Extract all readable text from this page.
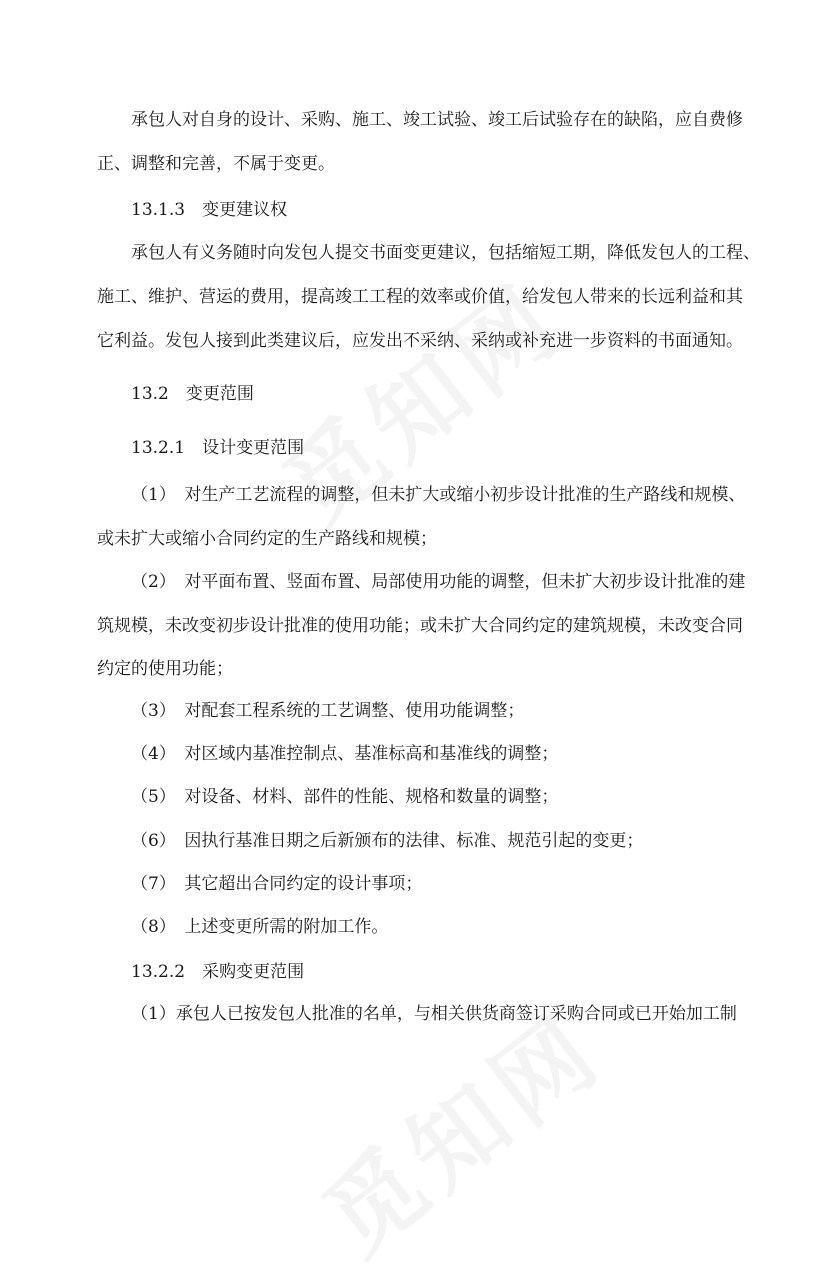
承包人对自身的设计、采购、施工、竣工试验、竣工后试验存在的缺陷，应自费修
正、调整和完善，不属于变更。
13.1.3　变更建议权
承包人有义务随时向发包人提交书面变更建议，包括缩短工期，降低发包人的工程、
施工、维护、营运的费用，提高竣工工程的效率或价值，给发包人带来的长远利益和其
它利益。发包人接到此类建议后，应发出不采纳、采纳或补充进一步资料的书面通知。
13.2　变更范围
13.2.1　设计变更范围
（1）　对生产工艺流程的调整，但未扩大或缩小初步设计批准的生产路线和规模、
或未扩大或缩小合同约定的生产路线和规模；
（2）　对平面布置、竖面布置、局部使用功能的调整，但未扩大初步设计批准的建
筑规模，未改变初步设计批准的使用功能；或未扩大合同约定的建筑规模，未改变合同
约定的使用功能；
（3）　对配套工程系统的工艺调整、使用功能调整；
（4）　对区域内基准控制点、基准标高和基准线的调整；
（5）　对设备、材料、部件的性能、规格和数量的调整；
（6）　因执行基准日期之后新颁布的法律、标准、规范引起的变更；
（7）　其它超出合同约定的设计事项；
（8）　上述变更所需的附加工作。
13.2.2　采购变更范围
（1）承包人已按发包人批准的名单，与相关供货商签订采购合同或已开始加工制
